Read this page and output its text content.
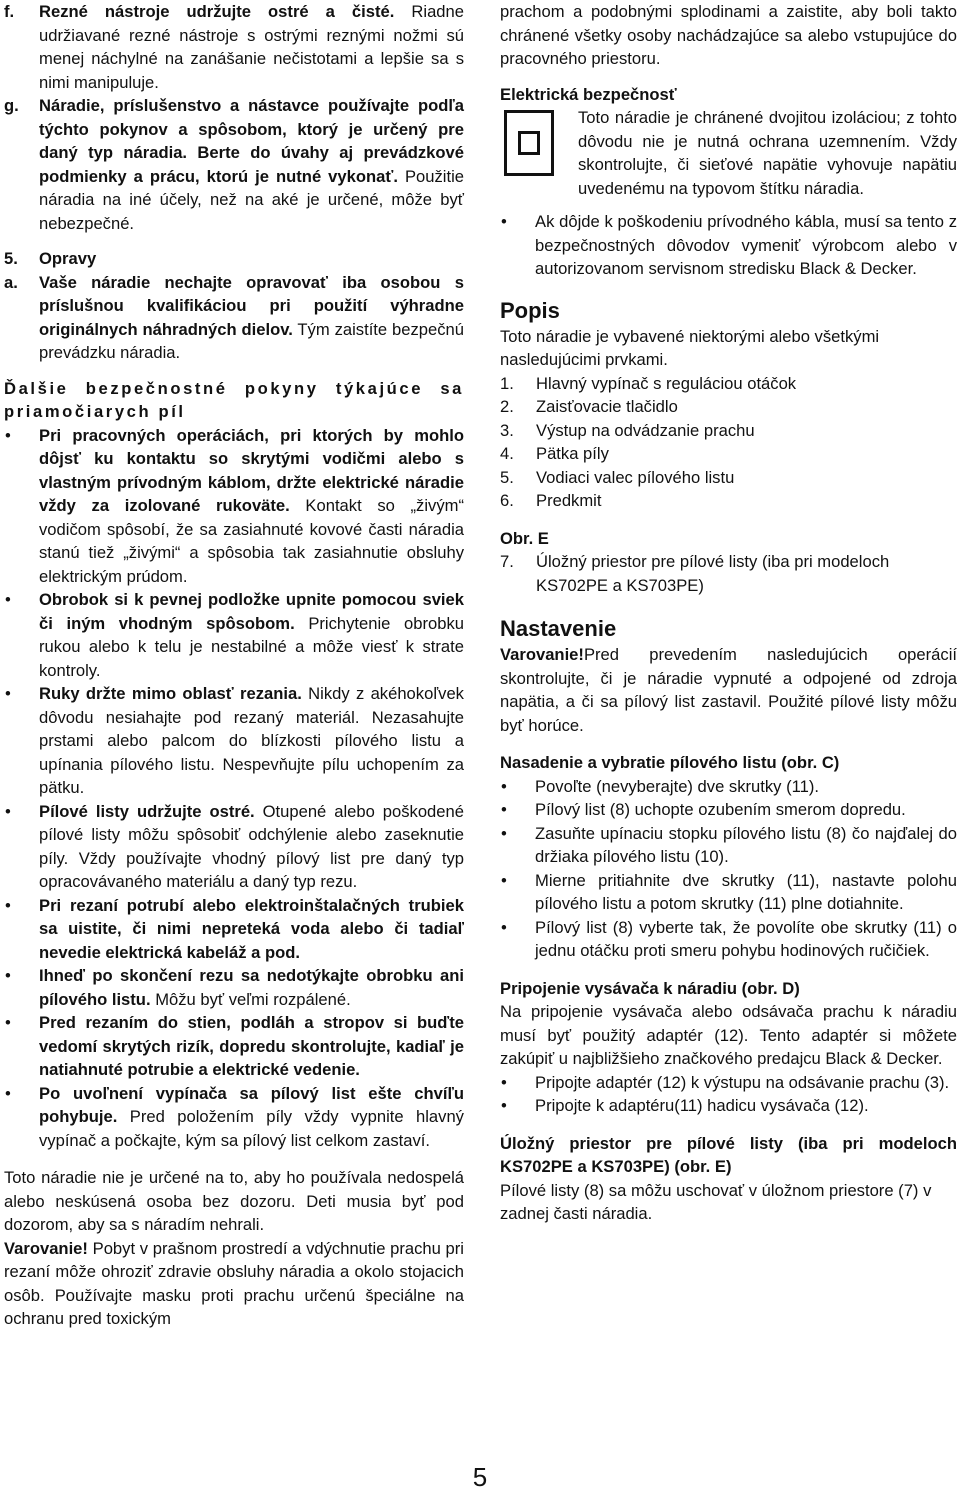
f. Rezné nástroje udržujte ostré a čisté. Riadne udržiavané rezné nástroje s ostrými reznými nožmi sú menej náchylné na zanášanie nečistotami a lepšie sa s nimi manipuluje.
g. Náradie, príslušenstvo a nástavce používajte podľa týchto pokynov a spôsobom, ktorý je určený pre daný typ náradia. Berte do úvahy aj prevádzkové podmienky a prácu, ktorú je nutné vykonať. Použitie náradia na iné účely, než na aké je určené, môže byť nebezpečné.
5. Opravy
a. Vaše náradie nechajte opravovať iba osobou s príslušnou kvalifikáciou pri použití výhradne originálnych náhradných dielov. Tým zaistíte bezpečnú prevádzku náradia.

Ďalšie bezpečnostné pokyny týkajúce sa priamočiarych píl

• Pri pracovných operáciách, pri ktorých by mohlo dôjsť ku kontaktu so skrytými vodičmi alebo s vlastným prívodným káblom, držte elektrické náradie vždy za izolované rukoväte. Kontakt so „živým“ vodičom spôsobí, že sa zasiahnuté kovové časti náradia stanú tiež „živými“ a spôsobia tak zasiahnutie obsluhy elektrickým prúdom.
• Obrobok si k pevnej podložke upnite pomocou sviek či iným vhodným spôsobom. Prichytenie obrobku rukou alebo k telu je nestabilné a môže viesť k strate kontroly.
• Ruky držte mimo oblasť rezania. Nikdy z akéhokoľvek dôvodu nesiahajte pod rezaný materiál. Nezasahujte prstami alebo palcom do blízkosti pílového listu a upínania pílového listu. Nespevňujte pílu uchopením za pätku.
• Pílové listy udržujte ostré. Otupené alebo poškodené pílové listy môžu spôsobiť odchýlenie alebo zaseknutie píly. Vždy používajte vhodný pílový list pre daný typ opracovávaného materiálu a daný typ rezu.
• Pri rezaní potrubí alebo elektroinštalačných trubiek sa uistite, či nimi nepreteká voda alebo či tadiaľ nevedie elektrická kabeláž a pod.
• Ihneď po skončení rezu sa nedotýkajte obrobku ani pílového listu. Môžu byť veľmi rozpálené.
• Pred rezaním do stien, podláh a stropov si buďte vedomí skrytých rizík, dopredu skontrolujte, kadiaľ je natiahnuté potrubie a elektrické vedenie.
• Po uvoľnení vypínača sa pílový list ešte chvíľu pohybuje. Pred položením píly vždy vypnite hlavný vypínač a počkajte, kým sa pílový list celkom zastaví.

Toto náradie nie je určené na to, aby ho používala nedospelá alebo neskúsená osoba bez dozoru. Deti musia byť pod dozorom, aby sa s náradím nehrali.

Varovanie! Pobyt v prašnom prostredí a vdýchnutie prachu pri rezaní môže ohroziť zdravie obsluhy náradia a okolo stojacich osôb. Používajte masku proti prachu určenú špeciálne na ochranu pred toxickým

prachom a podobnými splodinami a zaistite, aby boli takto chránené všetky osoby nachádzajúce sa alebo vstupujúce do pracovného priestoru.

Elektrická bezpečnosť

Toto náradie je chránené dvojitou izoláciou; z tohto dôvodu nie je nutná ochrana uzemnením. Vždy skontrolujte, či sieťové napätie vyhovuje napätiu uvedenému na typovom štítku náradia.
• Ak dôjde k poškodeniu prívodného kábla, musí sa tento z bezpečnostných dôvodov vymeniť výrobcom alebo v autorizovanom servisnom stredisku Black & Decker.

Popis

Toto náradie je vybavené niektorými alebo všetkými nasledujúcimi prvkami.

1. Hlavný vypínač s reguláciou otáčok
2. Zaisťovacie tlačidlo
3. Výstup na odvádzanie prachu
4. Pätka píly
5. Vodiaci valec pílového listu
6. Predkmit

Obr. E

7. Úložný priestor pre pílové listy (iba pri modeloch KS702PE a KS703PE)

Nastavenie

Varovanie!Pred prevedením nasledujúcich operácií skontrolujte, či je náradie vypnuté a odpojené od zdroja napätia, a či sa pílový list zastavil. Použité pílové listy môžu byť horúce.

Nasadenie a vybratie pílového listu (obr. C)

• Povoľte (nevyberajte) dve skrutky (11).
• Pílový list (8) uchopte ozubením smerom dopredu.
• Zasuňte upínaciu stopku pílového listu (8) čo najďalej do držiaka pílového listu (10).
• Mierne pritiahnite dve skrutky (11), nastavte polohu pílového listu a potom skrutky (11) plne dotiahnite.
• Pílový list (8) vyberte tak, že povolíte obe skrutky (11) o jednu otáčku proti smeru pohybu hodinových ručičiek.

Pripojenie vysávača k náradiu (obr. D)

Na pripojenie vysávača alebo odsávača prachu k náradiu musí byť použitý adaptér (12). Tento adaptér si môžete zakúpiť u najbližšieho značkového predajcu Black & Decker.

• Pripojte adaptér (12) k výstupu na odsávanie prachu (3).
• Pripojte k adaptéru(11) hadicu vysávača (12).

Úložný priestor pre pílové listy (iba pri modeloch KS702PE a KS703PE) (obr. E)

Pílové listy (8) sa môžu uschovať v úložnom priestore (7) v zadnej časti náradia.

5
